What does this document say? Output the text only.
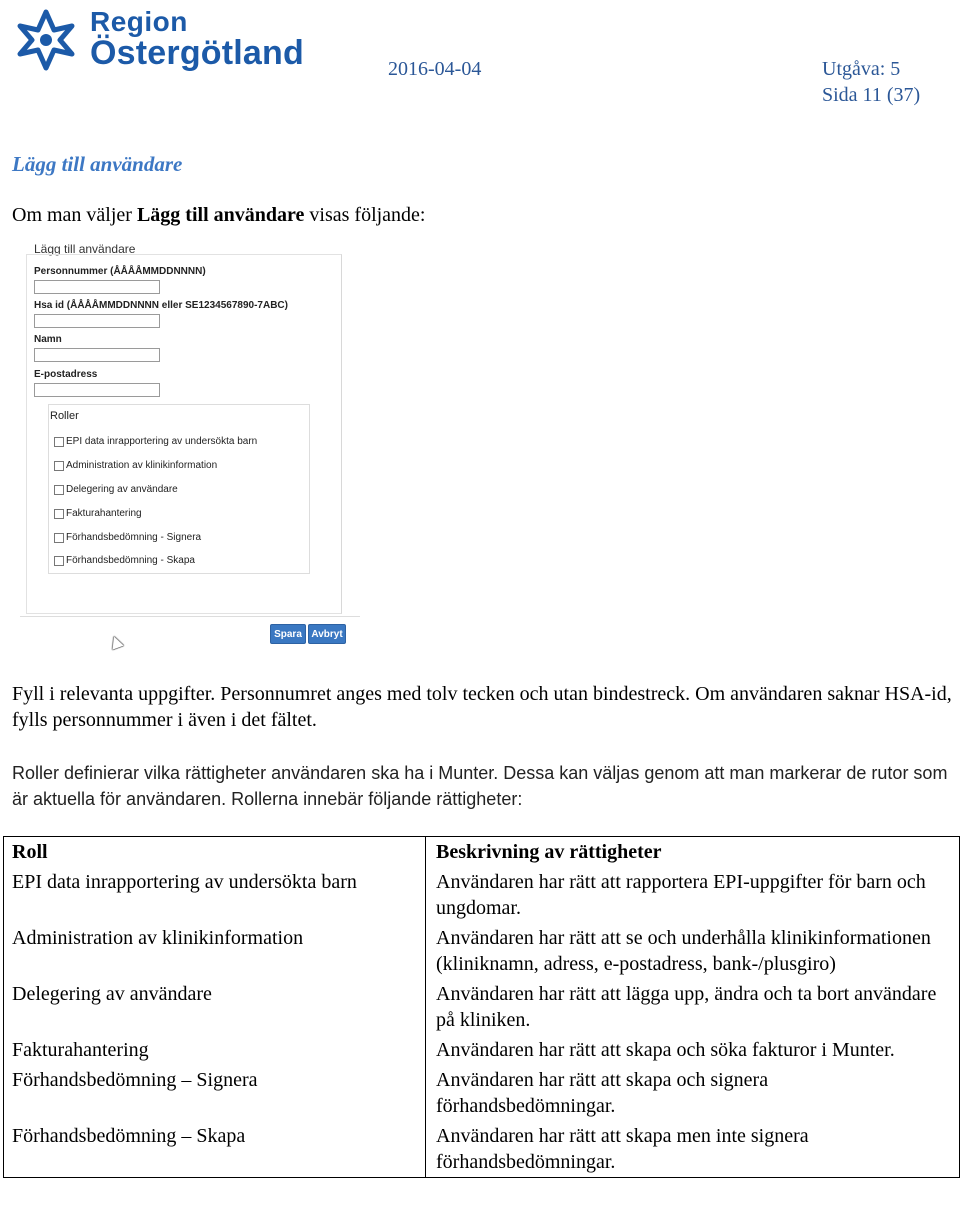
Region
Östergötland	2016-04-04	Utgåva: 5
Sida 11 (37)
Lägg till användare
Om man väljer Lägg till användare visas följande:
Lägg till användare
Personnummer (ÅÅÅÅMMDDNNNN)
Hsa id (ÅÅÅÅMMDDNNNN eller SE1234567890-7ABC)
Namn
E-postadress
Roller
EPI data inrapportering av undersökta barn
Administration av klinikinformation
Delegering av användare
Fakturahantering
Förhandsbedömning - Signera
Förhandsbedömning - Skapa
Spara Avbryt
Fyll i relevanta uppgifter. Personnumret anges med tolv tecken och utan bindestreck. Om användaren saknar HSA-id, fylls personnummer i även i det fältet.
Roller definierar vilka rättigheter användaren ska ha i Munter. Dessa kan väljas genom att man markerar de rutor som är aktuella för användaren. Rollerna innebär följande rättigheter:
Roll	Beskrivning av rättigheter
EPI data inrapportering av undersökta barn	Användaren har rätt att rapportera EPI-uppgifter för barn och ungdomar.
Administration av klinikinformation	Användaren har rätt att se och underhålla klinikinformationen (kliniknamn, adress, e-postadress, bank-/plusgiro)
Delegering av användare	Användaren har rätt att lägga upp, ändra och ta bort användare på kliniken.
Fakturahantering	Användaren har rätt att skapa och söka fakturor i Munter.
Förhandsbedömning – Signera	Användaren har rätt att skapa och signera förhandsbedömningar.
Förhandsbedömning – Skapa	Användaren har rätt att skapa men inte signera förhandsbedömningar.
